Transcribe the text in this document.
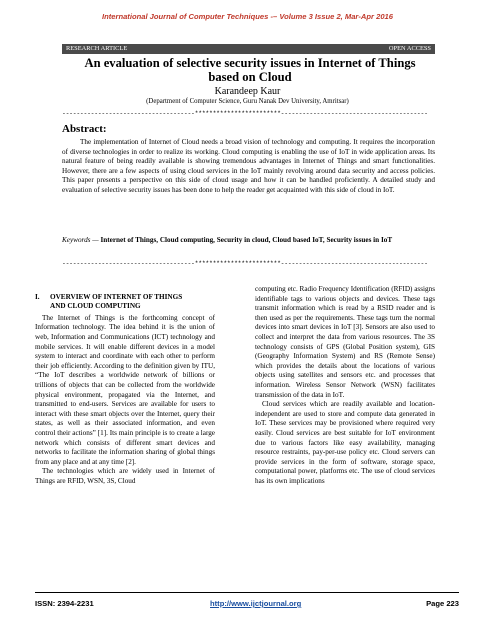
International Journal of Computer Techniques -– Volume 3 Issue 2, Mar-Apr 2016
RESEARCH ARTICLE	OPEN ACCESS
An evaluation of selective security issues in Internet of Things
based on Cloud
Karandeep Kaur
(Department of Computer Science, Guru Nanak Dev University, Amritsar)
-------------------------------------************************-----------------------------------------
Abstract:

The implementation of Internet of Cloud needs a broad vision of technology and computing. It requires the incorporation of diverse technologies in order to realize its working. Cloud computing is enabling the use of IoT in wide application areas. Its natural feature of being readily available is showing tremendous advantages in Internet of Things and smart functionalities. However, there are a few aspects of using cloud services in the IoT mainly revolving around data security and access policies. This paper presents a perspective on this side of cloud usage and how it can be handled proficiently. A detailed study and evaluation of selective security issues has been done to help the reader get acquainted with this side of cloud in IoT.

Keywords — Internet of Things, Cloud computing, Security in cloud, Cloud based IoT, Security issues in IoT

-------------------------------------************************-----------------------------------------
I. OVERVIEW OF INTERNET OF THINGS
AND CLOUD COMPUTING

The Internet of Things is the forthcoming concept of Information technology. The idea behind it is the union of web, Information and Communications (ICT) technology and mobile services. It will enable different devices in a model system to interact and coordinate with each other to perform their job efficiently. According to the definition given by ITU, “The IoT describes a worldwide network of billions or trillions of objects that can be collected from the worldwide physical environment, propagated via the Internet, and transmitted to end-users. Services are available for users to interact with these smart objects over the Internet, query their states, as well as their associated information, and even control their actions” [1]. Its main principle is to create a large network which consists of different smart devices and networks to facilitate the information sharing of global things from any place and at any time [2].

The technologies which are widely used in Internet of Things are RFID, WSN, 3S, Cloud

computing etc. Radio Frequency Identification (RFID) assigns identifiable tags to various objects and devices. These tags transmit information which is read by a RSID reader and is then used as per the requirements. These tags turn the normal devices into smart devices in IoT [3]. Sensors are also used to collect and interpret the data from various resources. The 3S technology consists of GPS (Global Position system), GIS (Geography Information System) and RS (Remote Sense) which provides the details about the locations of various objects using satellites and sensors etc. and processes that information. Wireless Sensor Network (WSN) facilitates transmission of the data in IoT.

Cloud services which are readily available and location-independent are used to store and compute data generated in IoT. These services may be provisioned where required very easily. Cloud services are best suitable for IoT environment due to various factors like easy availability, managing resource restraints, pay-per-use policy etc. Cloud servers can provide services in the form of software, storage space, computational power, platforms etc. The use of cloud services has its own implications

ISSN: 2394-2231	http://www.ijctjournal.org	Page 223
